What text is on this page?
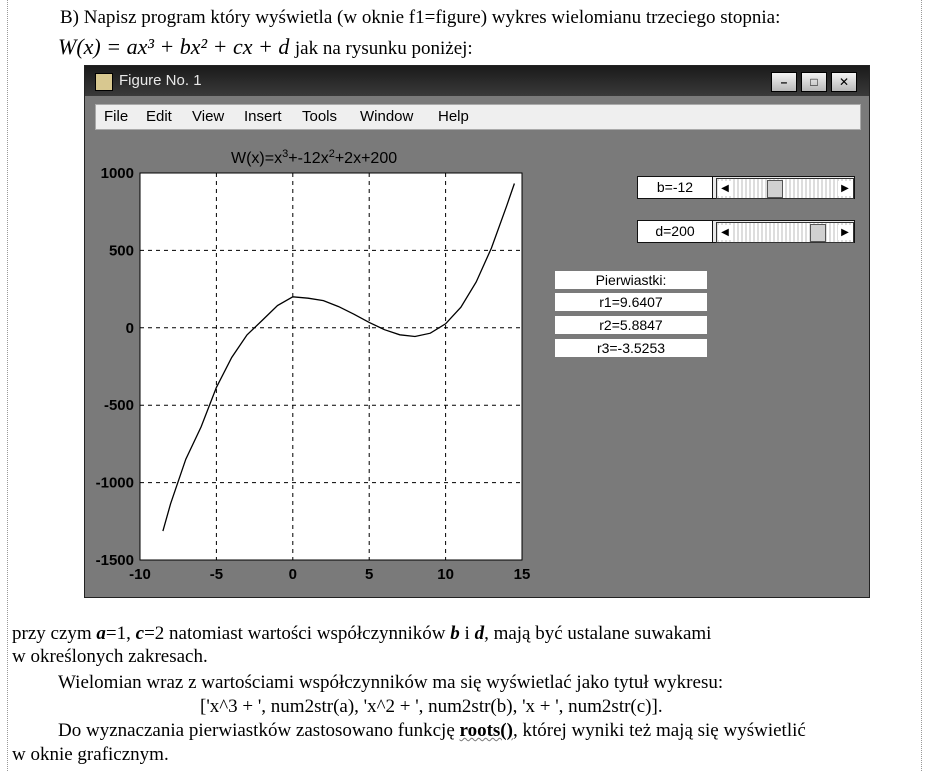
B) Napisz program który wyświetla (w oknie f1=figure) wykres wielomianu trzeciego stopnia:
W(x) = ax³ + bx² + cx + d jak na rysunku poniżej:
Figure No. 1	–	□	✕
File Edit View Insert Tools Window Help
$W(x)=x^3+-12x^2+2x+200$
-10	-5	0	5	10	15
-1500
-1000
-500
0
500
1000
b=-12	◀	▶
d=200	◀	▶
Pierwiastki:
r1=9.6407
r2=5.8847
r3=-3.5253
przy czym a=1, c=2 natomiast wartości współczynników b i d, mają być ustalane suwakami
w określonych zakresach.
Wielomian wraz z wartościami współczynników ma się wyświetlać jako tytuł wykresu:
['x^3 + ', num2str(a), 'x^2 + ', num2str(b), 'x + ', num2str(c)].
Do wyznaczania pierwiastków zastosowano funkcję roots(), której wyniki też mają się wyświetlić
w oknie graficznym.
